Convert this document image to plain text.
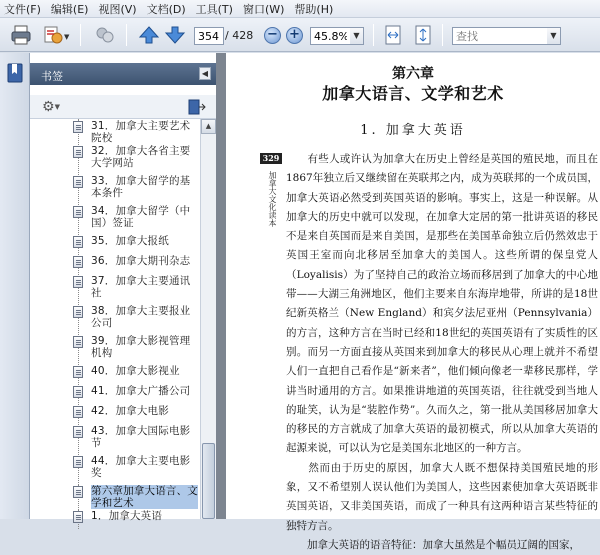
文件(F) 编辑(E) 视图(V) 文档(D) 工具(T) 窗口(W) 帮助(H)
▼
354	/ 428 − +
45.8%	▼
查找	▼
书签	◀
⚙▼
31．加拿大主要艺术院校
32．加拿大各省主要大学网站
33．加拿大留学的基本条件
34．加拿大留学（中国）签证
35．加拿大报纸
36．加拿大期刊杂志
37．加拿大主要通讯社
38．加拿大主要报业公司
39．加拿大影视管理机构
40．加拿大影视业
41．加拿大广播公司
42．加拿大电影
43．加拿大国际电影节
44．加拿大主要电影奖
第六章加拿大语言、文学和艺术
1．加拿大英语
▲
第六章
加拿大语言、文学和艺术
1. 加拿大英语
329
加拿大文化读本
　　有些人或许认为加拿大在历史上曾经是英国的殖民地，而且在1867年独立后又继续留在英联邦之内，成为英联邦的一个成员国，加拿大英语必然受到英国英语的影响。事实上，这是一种误解。从加拿大的历史中就可以发现，在加拿大定居的第一批讲英语的移民不是来自英国而是来自美国，是那些在美国革命独立后仍然效忠于英国王室而向北移居至加拿大的美国人。这些所谓的保皇党人（Loyalisis）为了坚持自己的政治立场而移居到了加拿大的中心地带——大湖三角洲地区，他们主要来自东海岸地带，所讲的是18世纪新英格兰（New England）和宾夕法尼亚州（Pennsylvania）的方言，这种方言在当时已经和18世纪的英国英语有了实质性的区别。而另一方面直接从英国来到加拿大的移民从心理上就并不希望人们一直把自己看作是“新来者”，他们倾向像老一辈移民那样，学讲当时通用的方言。如果推讲地道的英国英语，往往就受到当地人的耻笑，认为是“装腔作势”。久而久之，第一批从美国移居加拿大的移民的方言就成了加拿大英语的最初模式，所以从加拿大英语的起源来说，可以认为它是美国东北地区的一种方言。
　　然而由于历史的原因，加拿大人既不想保持美国殖民地的形象，又不希望别人误认他们为美国人，这些因素使加拿大英语既非英国英语，又非美国英语，而成了一种具有这两种语言某些特征的独特方言。
　　加拿大英语的语音特征：加拿大虽然是个幅员辽阔的国家，
